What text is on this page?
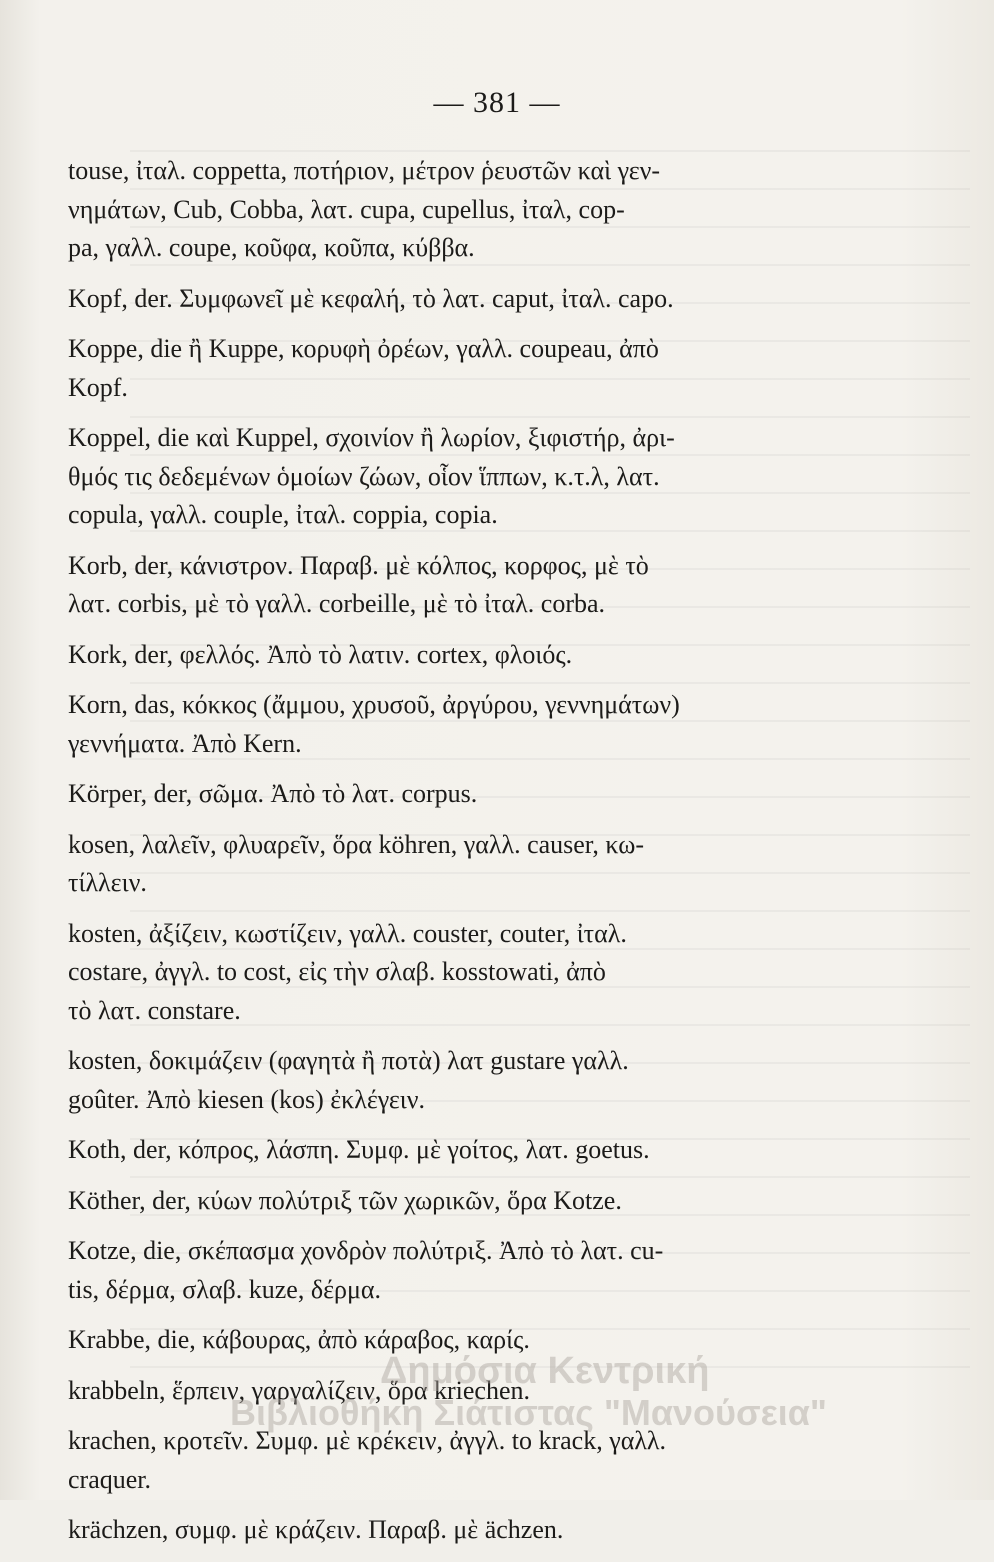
— 381 —
touse, ἰταλ. coppetta, ποτήριον, μέτρον ῥευστῶν καὶ γεν-
νημάτων, Cub, Cobba, λατ. cupa, cupellus, ἰταλ, cop-
pa, γαλλ. coupe, κοῦφα, κοῦπα, κύββα.
Kopf, der. Συμφωνεῖ μὲ κεφαλή, τὸ λατ. caput, ἰταλ. capo.
Koppe, die ἢ Kuppe, κορυφὴ ὀρέων, γαλλ. coupeau, ἀπὸ
Kopf.
Koppel, die καὶ Kuppel, σχοινίον ἢ λωρίον, ξιφιστήρ, ἀρι-
θμός τις δεδεμένων ὁμοίων ζώων, οἷον ἵππων, κ.τ.λ, λατ.
copula, γαλλ. couple, ἰταλ. coppia, copia.
Korb, der, κάνιστρον. Παραβ. μὲ κόλπος, κορφος, μὲ τὸ
λατ. corbis, μὲ τὸ γαλλ. corbeille, μὲ τὸ ἰταλ. corba.
Kork, der, φελλός. Ἀπὸ τὸ λατιν. cortex, φλοιός.
Korn, das, κόκκος (ἄμμου, χρυσοῦ, ἀργύρου, γεννημάτων)
γεννήματα. Ἀπὸ Kern.
Körper, der, σῶμα. Ἀπὸ τὸ λατ. corpus.
kosen, λαλεῖν, φλυαρεῖν, ὅρα köhren, γαλλ. causer, κω-
τίλλειν.
kosten, ἀξίζειν, κωστίζειν, γαλλ. couster, couter, ἰταλ.
costare, ἀγγλ. to cost, εἰς τὴν σλαβ. kosstowati, ἀπὸ
τὸ λατ. constare.
kosten, δοκιμάζειν (φαγητὰ ἢ ποτὰ) λατ gustare γαλλ.
goûter. Ἀπὸ kiesen (kos) ἐκλέγειν.
Koth, der, κόπρος, λάσπη. Συμφ. μὲ γοίτος, λατ. goetus.
Köther, der, κύων πολύτριξ τῶν χωρικῶν, ὅρα Kotze.
Kotze, die, σκέπασμα χονδρὸν πολύτριξ. Ἀπὸ τὸ λατ. cu-
tis, δέρμα, σλαβ. kuze, δέρμα.
Krabbe, die, κάβουρας, ἀπὸ κάραβος, καρίς.
krabbeln, ἕρπειν, γαργαλίζειν, ὅρα kriechen.
krachen, κροτεῖν. Συμφ. μὲ κρέκειν, ἀγγλ. to krack, γαλλ.
craquer.
krächzen, συμφ. μὲ κράζειν. Παραβ. μὲ ächzen.
Δημόσια Κεντρική
Βιβλιοθήκη Σιάτιστας "Μανούσεια"
